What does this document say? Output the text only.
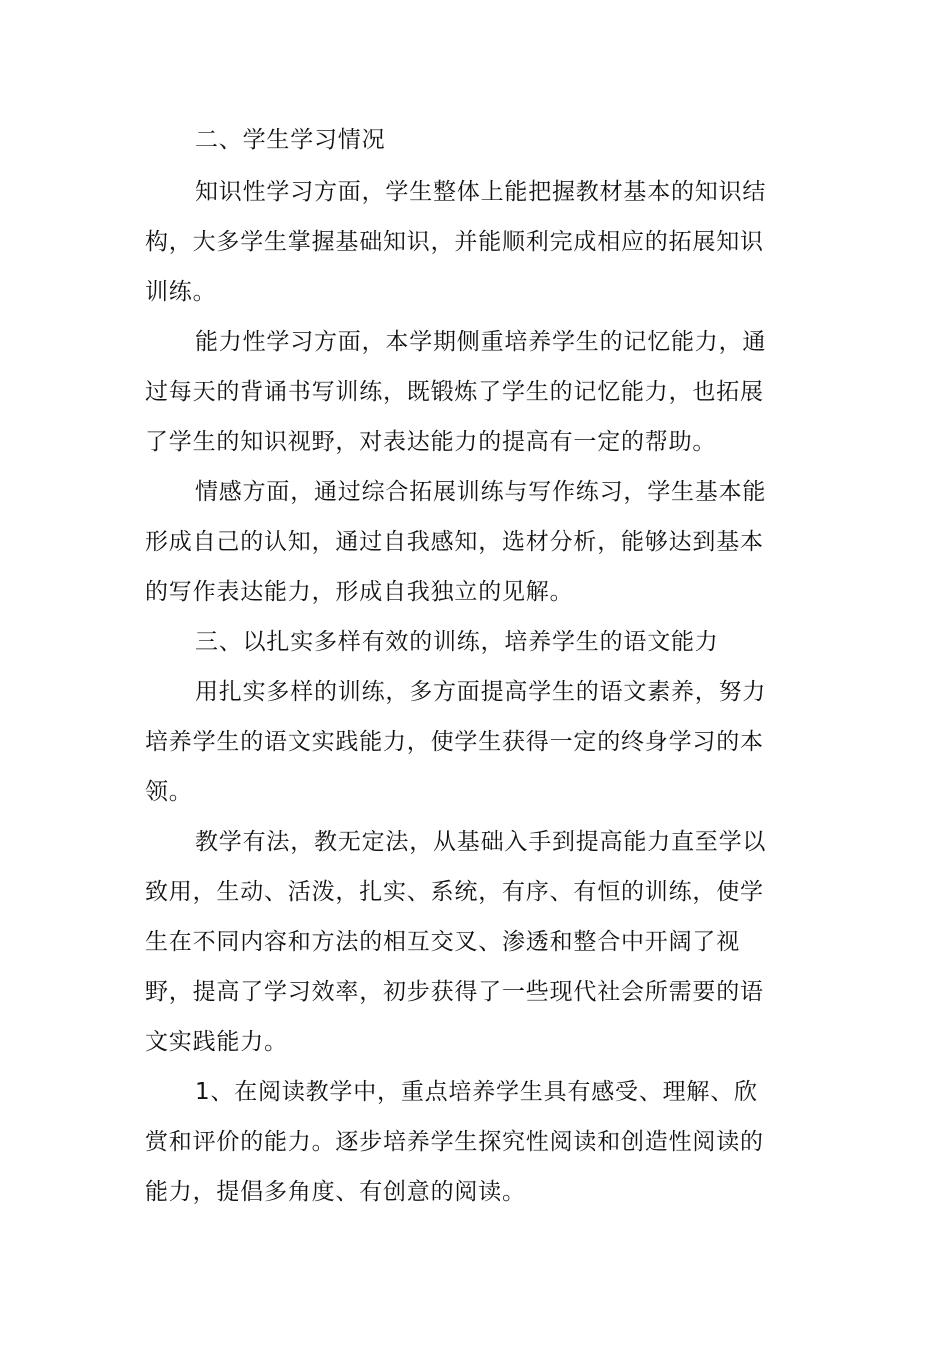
二、学生学习情况
知识性学习方面，学生整体上能把握教材基本的知识结
构，大多学生掌握基础知识，并能顺利完成相应的拓展知识
训练。
能力性学习方面，本学期侧重培养学生的记忆能力，通
过每天的背诵书写训练，既锻炼了学生的记忆能力，也拓展
了学生的知识视野，对表达能力的提高有一定的帮助。
情感方面，通过综合拓展训练与写作练习，学生基本能
形成自己的认知，通过自我感知，选材分析，能够达到基本
的写作表达能力，形成自我独立的见解。
三、以扎实多样有效的训练，培养学生的语文能力
用扎实多样的训练，多方面提高学生的语文素养，努力
培养学生的语文实践能力，使学生获得一定的终身学习的本
领。
教学有法，教无定法，从基础入手到提高能力直至学以
致用，生动、活泼，扎实、系统，有序、有恒的训练，使学
生在不同内容和方法的相互交叉、渗透和整合中开阔了视
野，提高了学习效率，初步获得了一些现代社会所需要的语
文实践能力。
1、在阅读教学中，重点培养学生具有感受、理解、欣
赏和评价的能力。逐步培养学生探究性阅读和创造性阅读的
能力，提倡多角度、有创意的阅读。
